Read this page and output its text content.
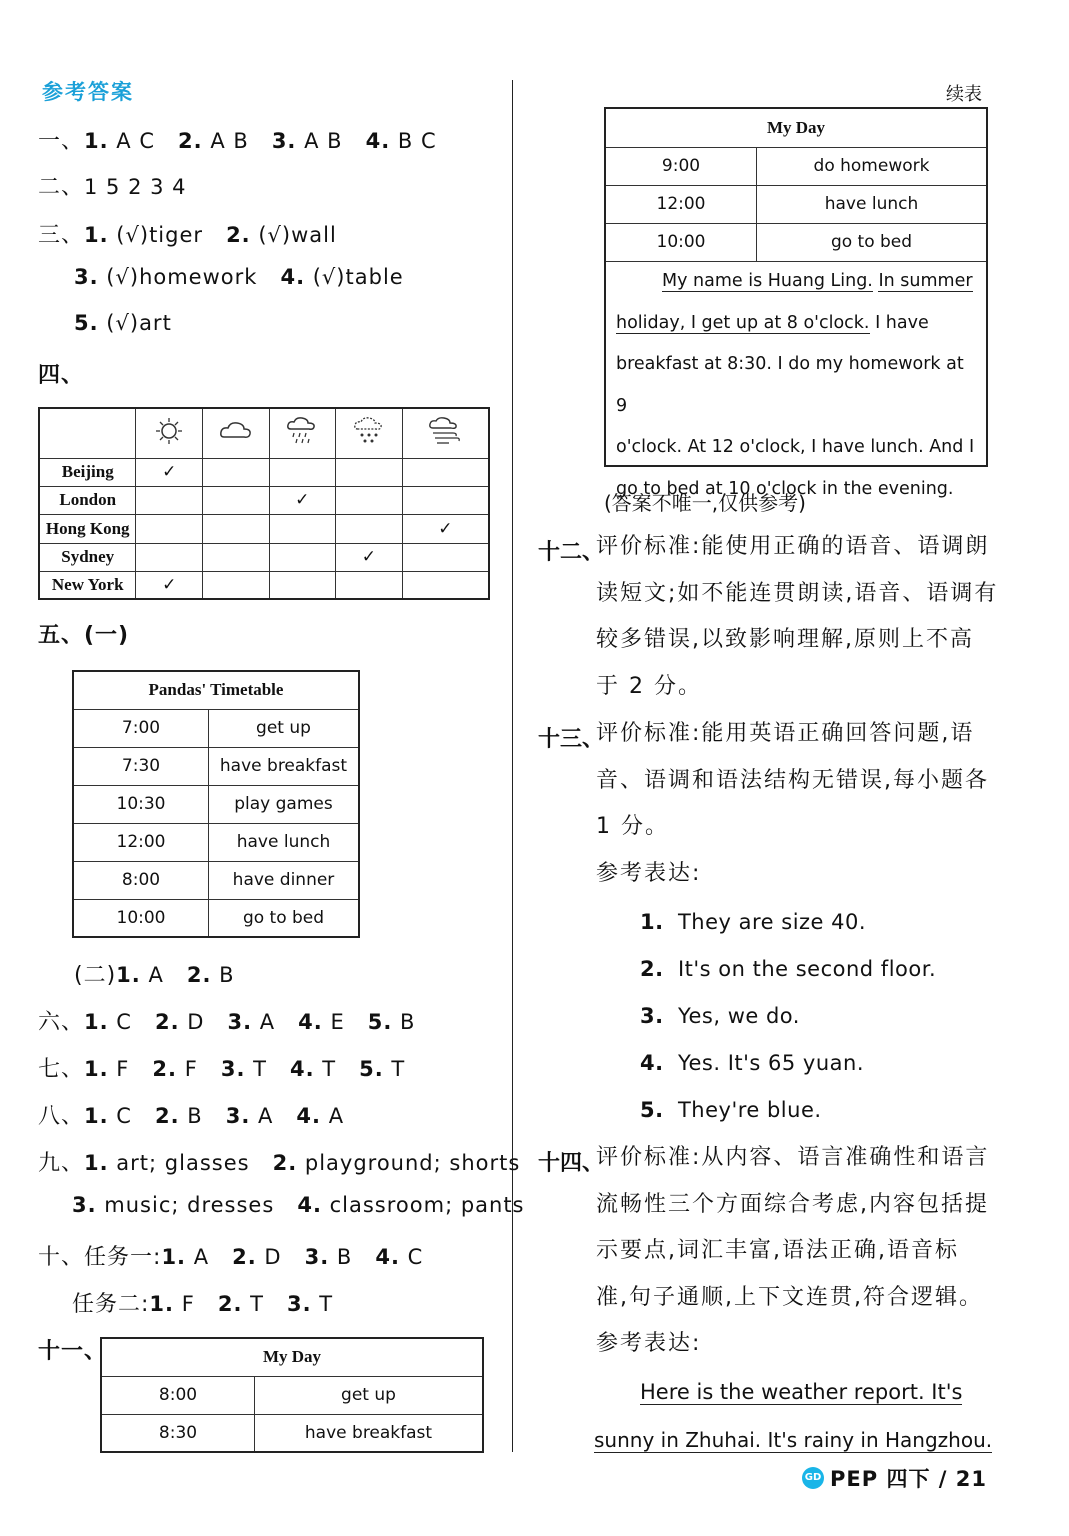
参考答案	续表
一、1. A C 2. A B 3. A B 4. B C
二、1 5 2 3 4
三、1. (√)tiger 2. (√)wall
3. (√)homework 4. (√)table
5. (√)art
四、

Beijing	✓				
London			✓		
Hong Kong					✓
Sydney				✓	
New York	✓				
五、(一)
Pandas' Timetable	
7:00	get up
7:30	have breakfast
10:30	play games
12:00	have lunch
8:00	have dinner
10:00	go to bed
(二)1. A 2. B
六、1. C 2. D 3. A 4. E 5. B
七、1. F 2. F 3. T 4. T 5. T
八、1. C 2. B 3. A 4. A
九、1. art; glasses 2. playground; shorts
3. music; dresses 4. classroom; pants
十、任务一:1. A 2. D 3. B 4. C
任务二:1. F 2. T 3. T
十一、	My Day	
8:00	get up
8:30	have breakfast
My Day	
9:00	do homework
12:00	have lunch
10:00	go to bed
My name is Huang Ling. In summer
holiday, I get up at 8 o'clock. I have
breakfast at 8:30. I do my homework at 9
o'clock. At 12 o'clock, I have lunch. And I
go to bed at 10 o'clock in the evening.
(答案不唯一,仅供参考)
十二、
评价标准:能使用正确的语音、语调朗
读短文;如不能连贯朗读,语音、语调有
较多错误,以致影响理解,原则上不高
于 2 分。
十三、
评价标准:能用英语正确回答问题,语
音、语调和语法结构无错误,每小题各
1 分。
参考表达:
1. They are size 40.
2. It's on the second floor.
3. Yes, we do.
4. Yes. It's 65 yuan.
5. They're blue.
十四、
评价标准:从内容、语言准确性和语言
流畅性三个方面综合考虑,内容包括提
示要点,词汇丰富,语法正确,语音标
准,句子通顺,上下文连贯,符合逻辑。
参考表达:
Here is the weather report. It's
sunny in Zhuhai. It's rainy in Hangzhou.
GD PEP 四下 / 21
